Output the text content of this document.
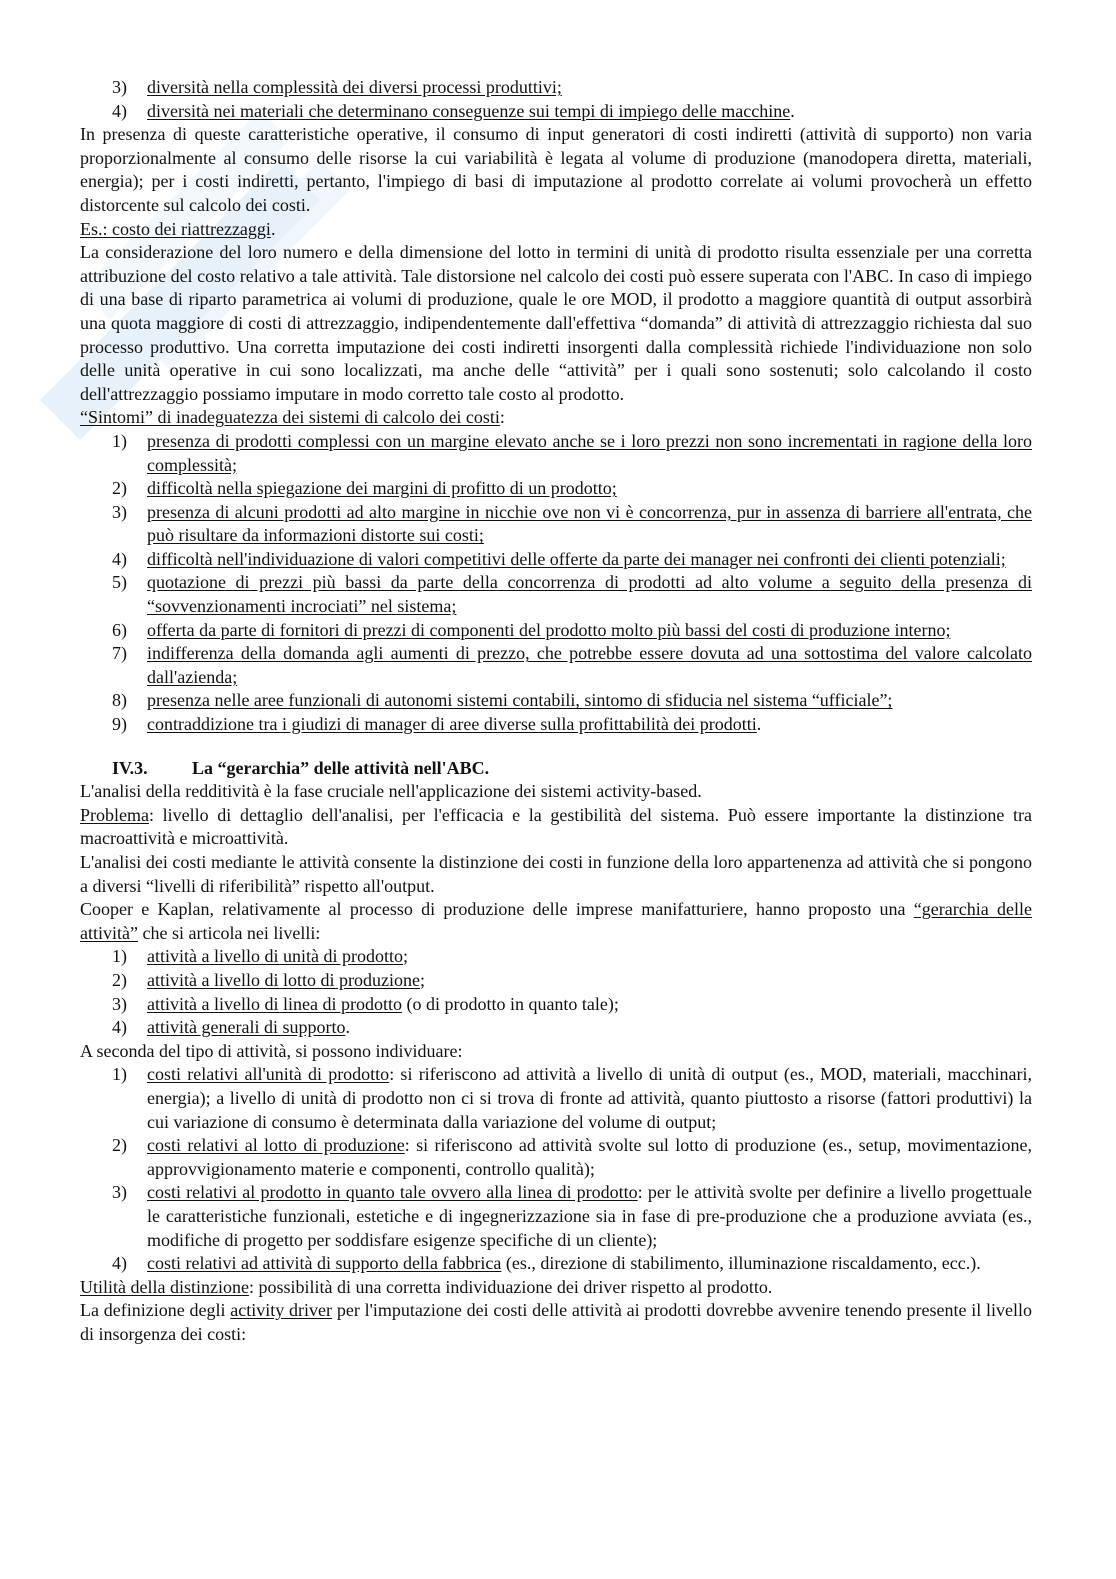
3) diversità nella complessità dei diversi processi produttivi;
4) diversità nei materiali che determinano conseguenze sui tempi di impiego delle macchine.

In presenza di queste caratteristiche operative, il consumo di input generatori di costi indiretti (attività di supporto) non varia proporzionalmente al consumo delle risorse la cui variabilità è legata al volume di produzione (manodopera diretta, materiali, energia); per i costi indiretti, pertanto, l'impiego di basi di imputazione al prodotto correlate ai volumi provocherà un effetto distorcente sul calcolo dei costi.

Es.: costo dei riattrezzaggi.

La considerazione del loro numero e della dimensione del lotto in termini di unità di prodotto risulta essenziale per una corretta attribuzione del costo relativo a tale attività. Tale distorsione nel calcolo dei costi può essere superata con l'ABC. In caso di impiego di una base di riparto parametrica ai volumi di produzione, quale le ore MOD, il prodotto a maggiore quantità di output assorbirà una quota maggiore di costi di attrezzaggio, indipendentemente dall'effettiva “domanda” di attività di attrezzaggio richiesta dal suo processo produttivo. Una corretta imputazione dei costi indiretti insorgenti dalla complessità richiede l'individuazione non solo delle unità operative in cui sono localizzati, ma anche delle “attività” per i quali sono sostenuti; solo calcolando il costo dell'attrezzaggio possiamo imputare in modo corretto tale costo al prodotto.

“Sintomi” di inadeguatezza dei sistemi di calcolo dei costi:

1) presenza di prodotti complessi con un margine elevato anche se i loro prezzi non sono incrementati in ragione della loro complessità;
2) difficoltà nella spiegazione dei margini di profitto di un prodotto;
3) presenza di alcuni prodotti ad alto margine in nicchie ove non vi è concorrenza, pur in assenza di barriere all'entrata, che può risultare da informazioni distorte sui costi;
4) difficoltà nell'individuazione di valori competitivi delle offerte da parte dei manager nei confronti dei clienti potenziali;
5) quotazione di prezzi più bassi da parte della concorrenza di prodotti ad alto volume a seguito della presenza di “sovvenzionamenti incrociati” nel sistema;
6) offerta da parte di fornitori di prezzi di componenti del prodotto molto più bassi del costi di produzione interno;
7) indifferenza della domanda agli aumenti di prezzo, che potrebbe essere dovuta ad una sottostima del valore calcolato dall'azienda;
8) presenza nelle aree funzionali di autonomi sistemi contabili, sintomo di sfiducia nel sistema “ufficiale”;
9) contraddizione tra i giudizi di manager di aree diverse sulla profittabilità dei prodotti.

IV.3. La “gerarchia” delle attività nell'ABC.

L'analisi della redditività è la fase cruciale nell'applicazione dei sistemi activity-based.

Problema: livello di dettaglio dell'analisi, per l'efficacia e la gestibilità del sistema. Può essere importante la distinzione tra macroattività e microattività.

L'analisi dei costi mediante le attività consente la distinzione dei costi in funzione della loro appartenenza ad attività che si pongono a diversi “livelli di riferibilità” rispetto all'output.

Cooper e Kaplan, relativamente al processo di produzione delle imprese manifatturiere, hanno proposto una “gerarchia delle attività” che si articola nei livelli:

1) attività a livello di unità di prodotto;
2) attività a livello di lotto di produzione;
3) attività a livello di linea di prodotto (o di prodotto in quanto tale);
4) attività generali di supporto.

A seconda del tipo di attività, si possono individuare:

1) costi relativi all'unità di prodotto: si riferiscono ad attività a livello di unità di output (es., MOD, materiali, macchinari, energia); a livello di unità di prodotto non ci si trova di fronte ad attività, quanto piuttosto a risorse (fattori produttivi) la cui variazione di consumo è determinata dalla variazione del volume di output;
2) costi relativi al lotto di produzione: si riferiscono ad attività svolte sul lotto di produzione (es., setup, movimentazione, approvvigionamento materie e componenti, controllo qualità);
3) costi relativi al prodotto in quanto tale ovvero alla linea di prodotto: per le attività svolte per definire a livello progettuale le caratteristiche funzionali, estetiche e di ingegnerizzazione sia in fase di pre-produzione che a produzione avviata (es., modifiche di progetto per soddisfare esigenze specifiche di un cliente);
4) costi relativi ad attività di supporto della fabbrica (es., direzione di stabilimento, illuminazione riscaldamento, ecc.).

Utilità della distinzione: possibilità di una corretta individuazione dei driver rispetto al prodotto.

La definizione degli activity driver per l'imputazione dei costi delle attività ai prodotti dovrebbe avvenire tenendo presente il livello di insorgenza dei costi:
